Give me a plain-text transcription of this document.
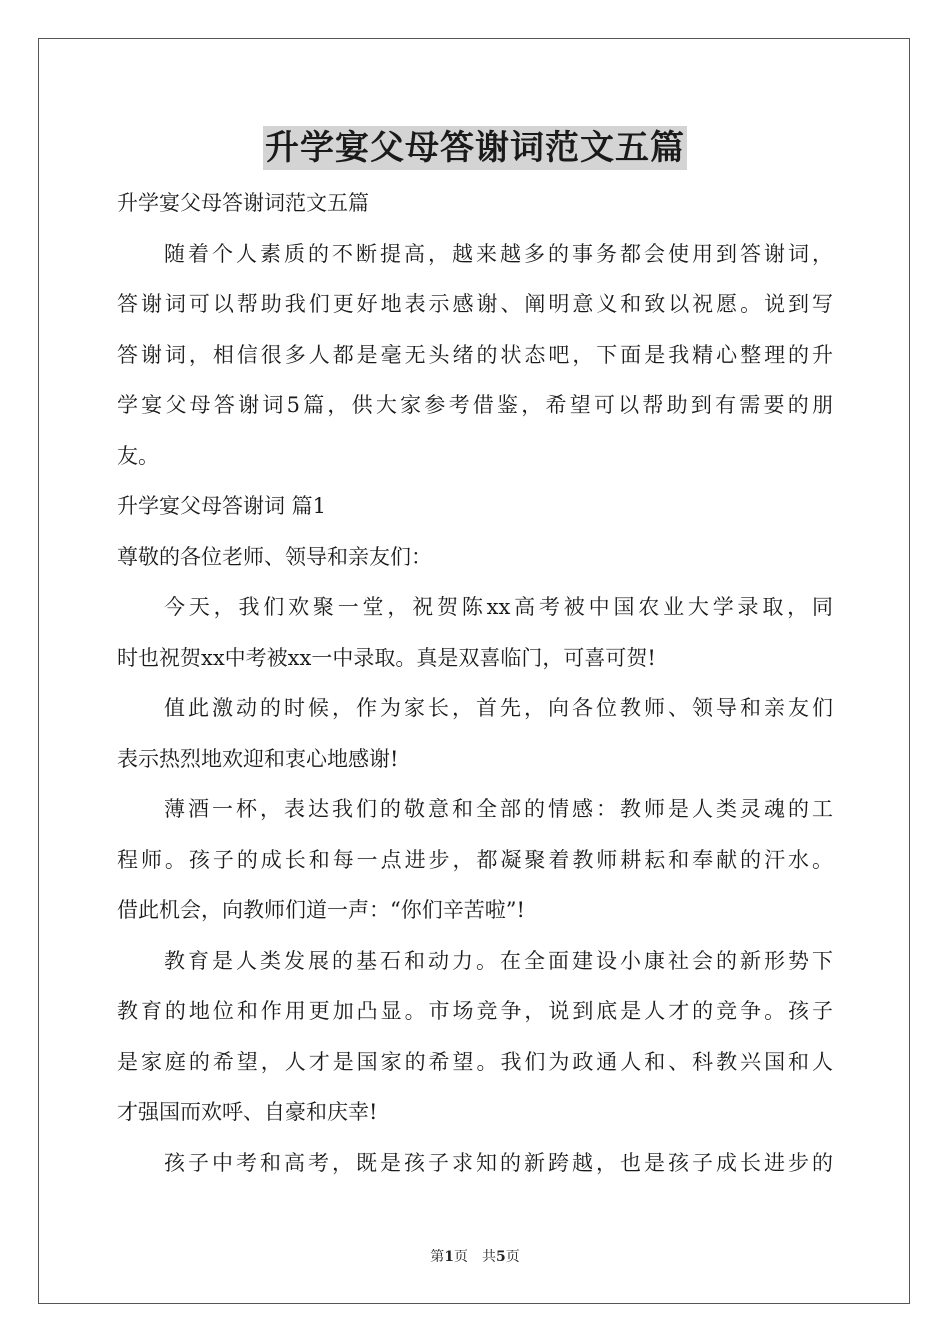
升学宴父母答谢词范文五篇
升学宴父母答谢词范文五篇
随着个人素质的不断提高，越来越多的事务都会使用到答谢词，
答谢词可以帮助我们更好地表示感谢、阐明意义和致以祝愿。说到写
答谢词，相信很多人都是毫无头绪的状态吧，下面是我精心整理的升
学宴父母答谢词5篇，供大家参考借鉴，希望可以帮助到有需要的朋
友。
升学宴父母答谢词 篇1
尊敬的各位老师、领导和亲友们：
今天，我们欢聚一堂，祝贺陈xx高考被中国农业大学录取，同
时也祝贺xx中考被xx一中录取。真是双喜临门，可喜可贺!
值此激动的时候，作为家长，首先，向各位教师、领导和亲友们
表示热烈地欢迎和衷心地感谢!
薄酒一杯，表达我们的敬意和全部的情感：教师是人类灵魂的工
程师。孩子的成长和每一点进步，都凝聚着教师耕耘和奉献的汗水。
借此机会，向教师们道一声：“你们辛苦啦”!
教育是人类发展的基石和动力。在全面建设小康社会的新形势下
教育的地位和作用更加凸显。市场竞争，说到底是人才的竞争。孩子
是家庭的希望，人才是国家的希望。我们为政通人和、科教兴国和人
才强国而欢呼、自豪和庆幸!
孩子中考和高考，既是孩子求知的新跨越，也是孩子成长进步的
第1页 共5页
